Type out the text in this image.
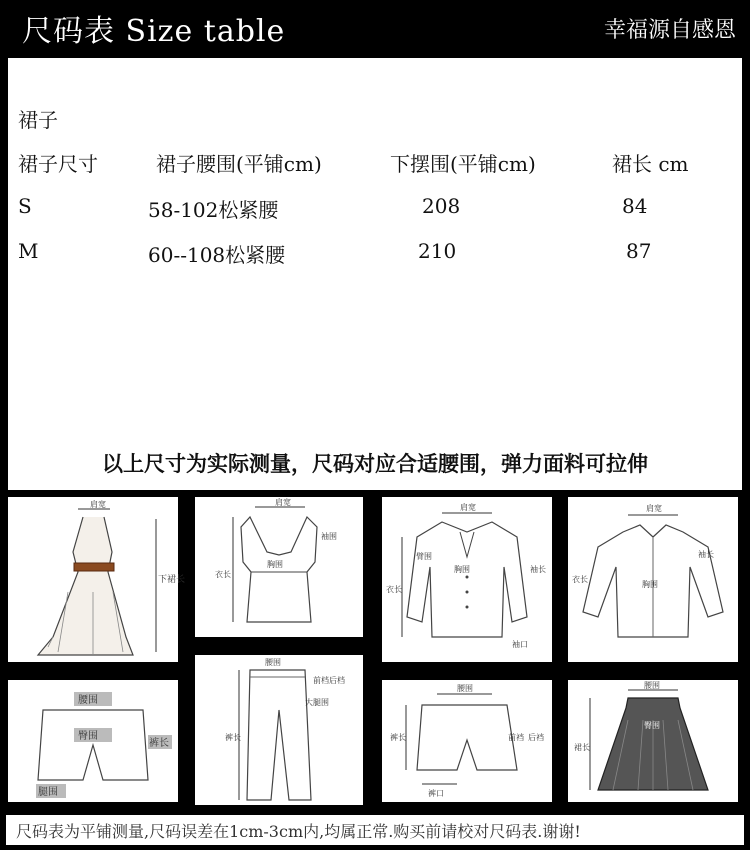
尺码表 Size table	幸福源自感恩
裙子
裙子尺寸	裙子腰围(平铺cm)	下摆围(平铺cm)	裙长 cm
S	58-102松紧腰	208	84
M	60--108松紧腰	210	87
以上尺寸为实际测量，尺码对应合适腰围，弹力面料可拉伸
肩宽
下裙长
肩宽
袖围
胸围
衣长
肩宽
臂围
胸围
衣长
袖长
袖口
肩宽
袖长
胸围
衣长
腰围
前档 后档
大腿围
裤长
腰围
臀围
裤长
腿围
腰围
裤长	前裆 后裆
裤口
腰围
臀围
裙长
尺码表为平铺测量,尺码误差在1cm-3cm内,均属正常.购买前请校对尺码表.谢谢!
